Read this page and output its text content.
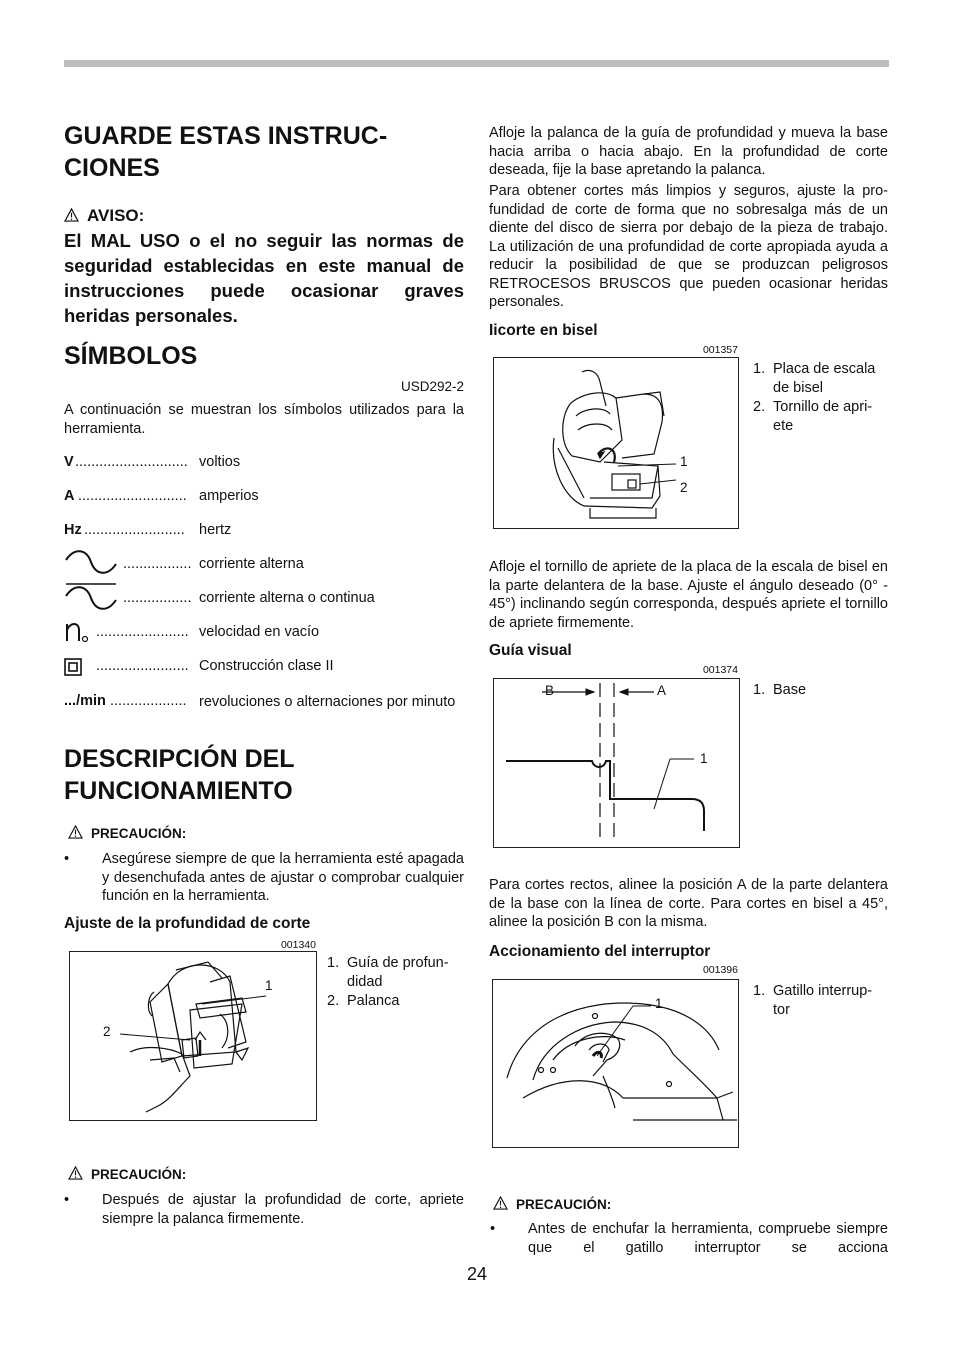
GUARDE ESTAS INSTRUC-
CIONES
AVISO:
El MAL USO o el no seguir las normas de seguridad establecidas en este manual de instrucciones puede ocasionar graves heridas personales.
SÍMBOLOS
USD292-2
A continuación se muestran los símbolos utilizados para la herramienta.
V ............................ voltios
A ........................... amperios
Hz ......................... hertz
................. corriente alterna
................. corriente alterna o continua
....................... velocidad en vacío
....................... Construcción clase II
.../min ................... revoluciones o alternaciones por minuto
DESCRIPCIÓN DEL
FUNCIONAMIENTO
PRECAUCIÓN:
• Asegúrese siempre de que la herramienta esté apagada y desenchufada antes de ajustar o comprobar cualquier función en la herramienta.
Ajuste de la profundidad de corte
001340
1
2
1. Guía de profun-
didad
2. Palanca
PRECAUCIÓN:
• Después de ajustar la profundidad de corte, apriete siempre la palanca firmemente.
Afloje la palanca de la guía de profundidad y mueva la base hacia arriba o hacia abajo. En la profundidad de corte deseada, fije la base apretando la palanca.
Para obtener cortes más limpios y seguros, ajuste la pro-fundidad de corte de forma que no sobresalga más de un diente del disco de sierra por debajo de la pieza de trabajo. La utilización de una profundidad de corte apropiada ayuda a reducir la posibilidad de que se produzcan peligrosos RETROCESOS BRUSCOS que pueden ocasionar heridas personales.
Iicorte en bisel
001357
1
2
1. Placa de escala
de bisel
2. Tornillo de apri-
ete
Afloje el tornillo de apriete de la placa de la escala de bisel en la parte delantera de la base. Ajuste el ángulo deseado (0° - 45°) inclinando según corresponda, después apriete el tornillo de apriete firmemente.
Guía visual
001374
B	A
1
1. Base
Para cortes rectos, alinee la posición A de la parte delantera de la base con la línea de corte. Para cortes en bisel a 45°, alinee la posición B con la misma.
Accionamiento del interruptor
001396
1
1. Gatillo interrup-
tor
PRECAUCIÓN:
• Antes de enchufar la herramienta, compruebe siempre que el gatillo interruptor se acciona
24
